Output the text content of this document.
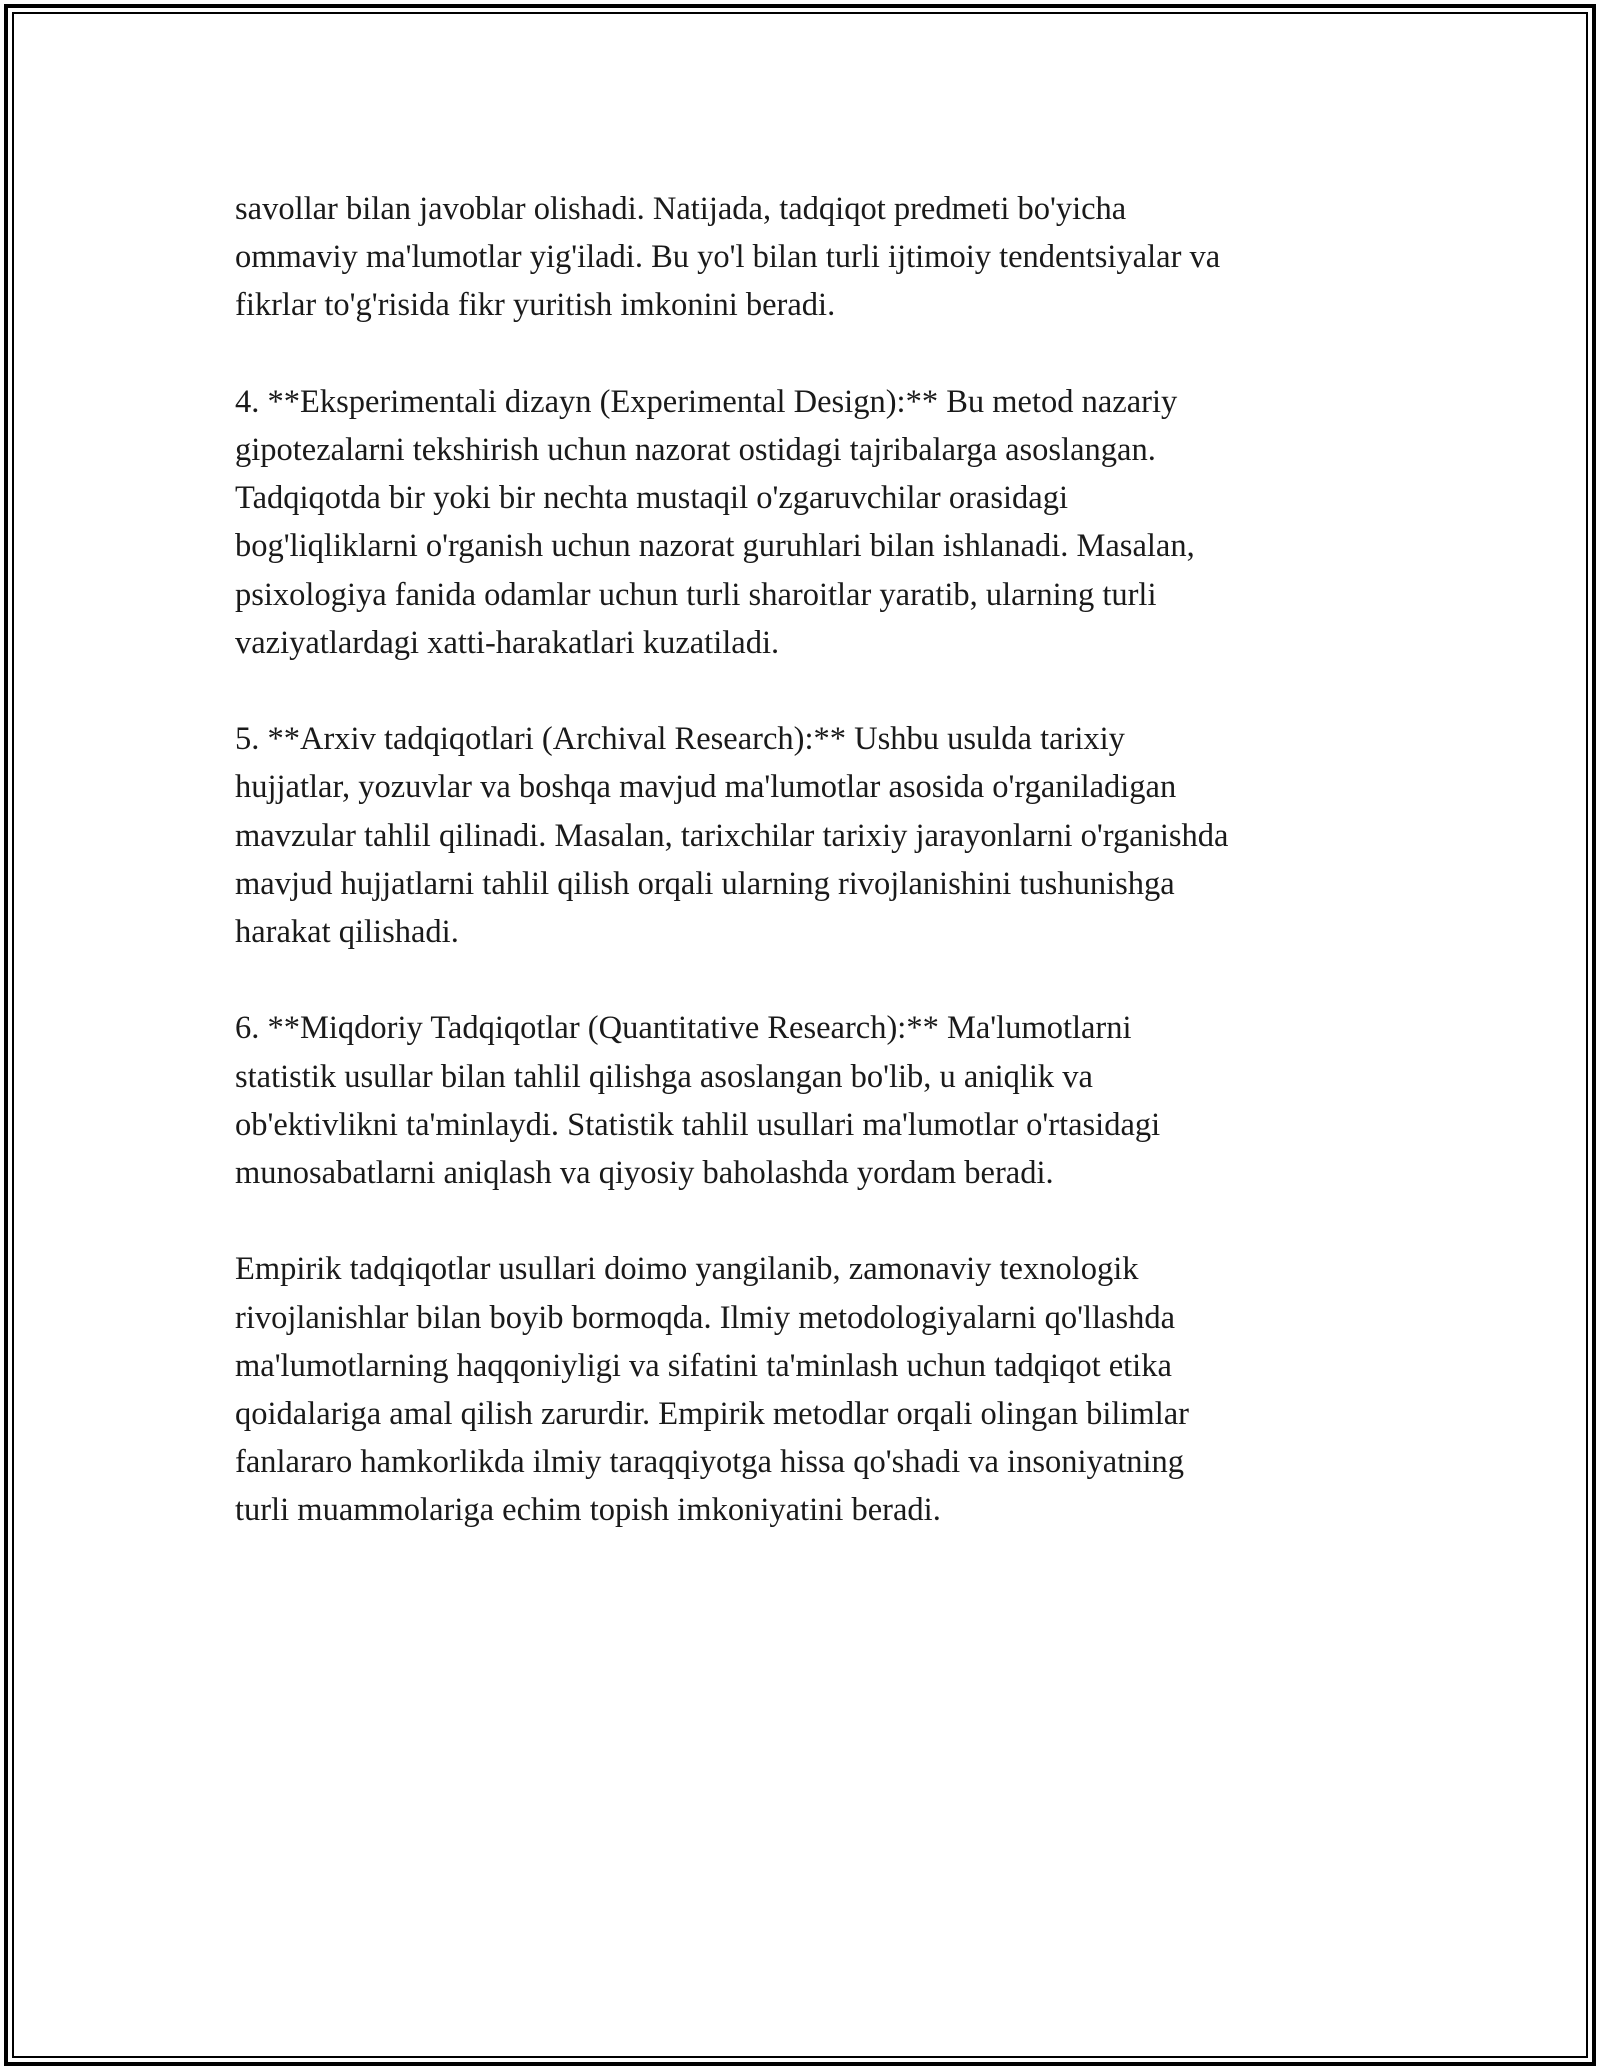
savollar bilan javoblar olishadi. Natijada, tadqiqot predmeti bo'yicha
ommaviy ma'lumotlar yig'iladi. Bu yo'l bilan turli ijtimoiy tendentsiyalar va
fikrlar to'g'risida fikr yuritish imkonini beradi.

4. **Eksperimentali dizayn (Experimental Design):** Bu metod nazariy
gipotezalarni tekshirish uchun nazorat ostidagi tajribalarga asoslangan.
Tadqiqotda bir yoki bir nechta mustaqil o'zgaruvchilar orasidagi
bog'liqliklarni o'rganish uchun nazorat guruhlari bilan ishlanadi. Masalan,
psixologiya fanida odamlar uchun turli sharoitlar yaratib, ularning turli
vaziyatlardagi xatti-harakatlari kuzatiladi.

5. **Arxiv tadqiqotlari (Archival Research):** Ushbu usulda tarixiy
hujjatlar, yozuvlar va boshqa mavjud ma'lumotlar asosida o'rganiladigan
mavzular tahlil qilinadi. Masalan, tarixchilar tarixiy jarayonlarni o'rganishda
mavjud hujjatlarni tahlil qilish orqali ularning rivojlanishini tushunishga
harakat qilishadi.

6. **Miqdoriy Tadqiqotlar (Quantitative Research):** Ma'lumotlarni
statistik usullar bilan tahlil qilishga asoslangan bo'lib, u aniqlik va
ob'ektivlikni ta'minlaydi. Statistik tahlil usullari ma'lumotlar o'rtasidagi
munosabatlarni aniqlash va qiyosiy baholashda yordam beradi.

Empirik tadqiqotlar usullari doimo yangilanib, zamonaviy texnologik
rivojlanishlar bilan boyib bormoqda. Ilmiy metodologiyalarni qo'llashda
ma'lumotlarning haqqoniyligi va sifatini ta'minlash uchun tadqiqot etika
qoidalariga amal qilish zarurdir. Empirik metodlar orqali olingan bilimlar
fanlararo hamkorlikda ilmiy taraqqiyotga hissa qo'shadi va insoniyatning
turli muammolariga echim topish imkoniyatini beradi.
